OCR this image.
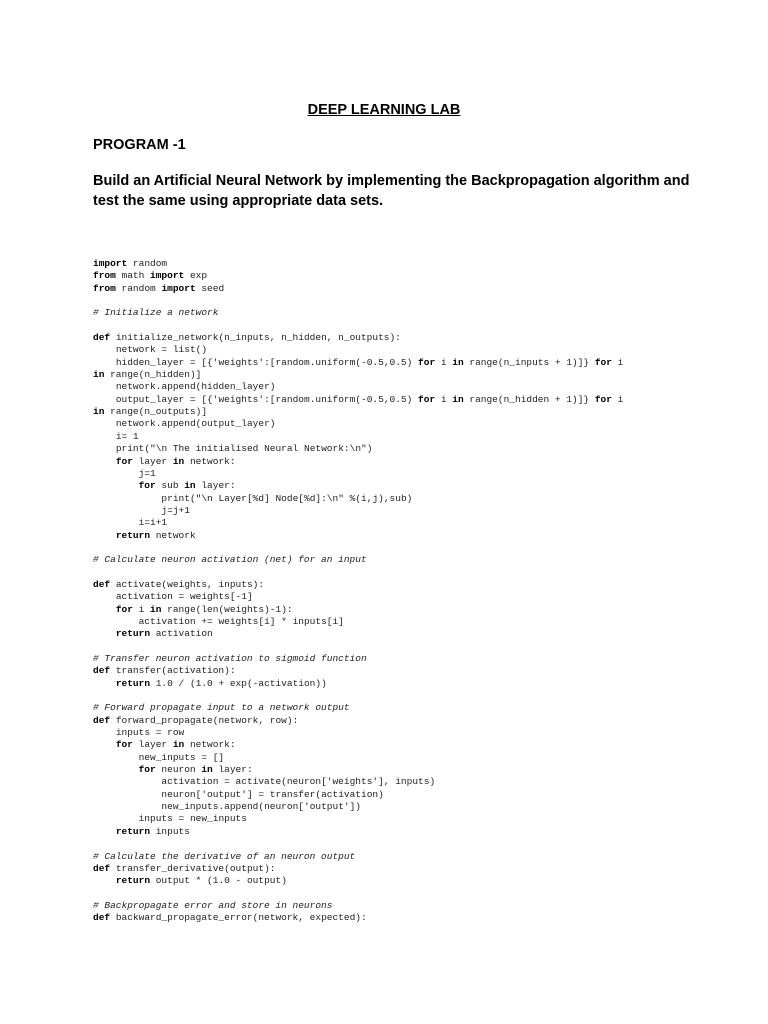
DEEP LEARNING LAB
PROGRAM -1

Build an Artificial Neural Network by implementing the Backpropagation algorithm and test the same using appropriate data sets.

import random
from math import exp
from random import seed
# Initialize a network
def initialize_network(n_inputs, n_hidden, n_outputs):
network = list()
hidden_layer = [{'weights':[random.uniform(-0.5,0.5) for i in range(n_inputs + 1)]} for i
in range(n_hidden)]
network.append(hidden_layer)
output_layer = [{'weights':[random.uniform(-0.5,0.5) for i in range(n_hidden + 1)]} for i
in range(n_outputs)]
network.append(output_layer)
i= 1
print("\n The initialised Neural Network:\n")
for layer in network:
j=1
for sub in layer:
print("\n Layer[%d] Node[%d]:\n" %(i,j),sub)
j=j+1
i=i+1
return network
# Calculate neuron activation (net) for an input
def activate(weights, inputs):
activation = weights[-1]
for i in range(len(weights)-1):
activation += weights[i] * inputs[i]
return activation
# Transfer neuron activation to sigmoid function
def transfer(activation):
return 1.0 / (1.0 + exp(-activation))
# Forward propagate input to a network output
def forward_propagate(network, row):
inputs = row
for layer in network:
new_inputs = []
for neuron in layer:
activation = activate(neuron['weights'], inputs)
neuron['output'] = transfer(activation)
new_inputs.append(neuron['output'])
inputs = new_inputs
return inputs
# Calculate the derivative of an neuron output
def transfer_derivative(output):
return output * (1.0 - output)
# Backpropagate error and store in neurons
def backward_propagate_error(network, expected):
